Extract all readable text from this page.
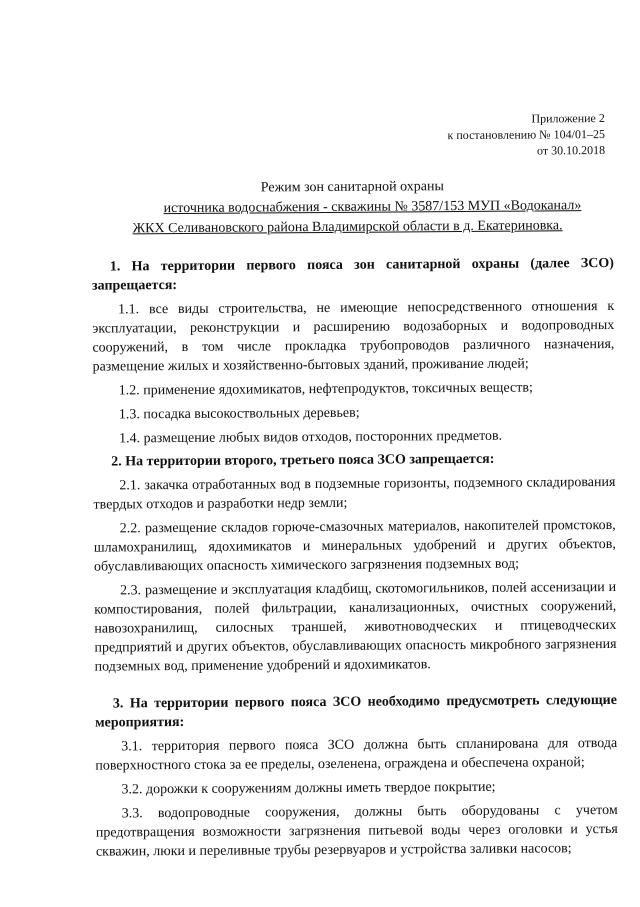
Приложение 2
к постановлению № 104/01–25
от 30.10.2018
Режим зон санитарной охраны
источника водоснабжения - скважины № 3587/153 МУП «Водоканал»
ЖКХ Селивановского района Владимирской области в д. Екатериновка.
1. На территории первого пояса зон санитарной охраны (далее ЗСО) запрещается:
1.1. все виды строительства, не имеющие непосредственного отношения к эксплуатации, реконструкции и расширению водозаборных и водопроводных сооружений, в том числе прокладка трубопроводов различного назначения, размещение жилых и хозяйственно-бытовых зданий, проживание людей;
1.2. применение ядохимикатов, нефтепродуктов, токсичных веществ;
1.3. посадка высокоствольных деревьев;
1.4. размещение любых видов отходов, посторонних предметов.
2. На территории второго, третьего пояса ЗСО запрещается:
2.1. закачка отработанных вод в подземные горизонты, подземного складирования твердых отходов и разработки недр земли;
2.2. размещение складов горюче-смазочных материалов, накопителей промстоков, шламохранилищ, ядохимикатов и минеральных удобрений и других объектов, обуславливающих опасность химического загрязнения подземных вод;
2.3. размещение и эксплуатация кладбищ, скотомогильников, полей ассенизации и компостирования, полей фильтрации, канализационных, очистных сооружений, навозохранилищ, силосных траншей, животноводческих и птицеводческих предприятий и других объектов, обуславливающих опасность микробного загрязнения подземных вод, применение удобрений и ядохимикатов.
3. На территории первого пояса ЗСО необходимо предусмотреть следующие мероприятия:
3.1. территория первого пояса ЗСО должна быть спланирована для отвода поверхностного стока за ее пределы, озеленена, ограждена и обеспечена охраной;
3.2. дорожки к сооружениям должны иметь твердое покрытие;
3.3. водопроводные сооружения, должны быть оборудованы с учетом предотвращения возможности загрязнения питьевой воды через оголовки и устья скважин, люки и переливные трубы резервуаров и устройства заливки насосов;
